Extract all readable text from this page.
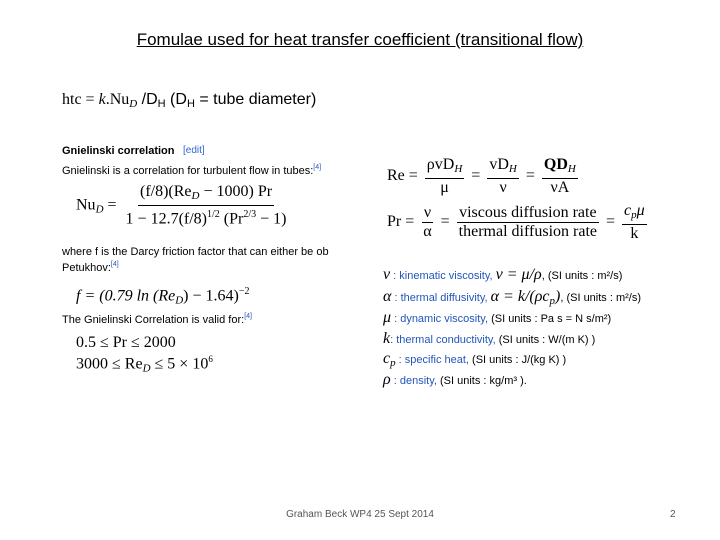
Fomulae used for heat transfer coefficient (transitional flow)
htc = $k.Nu_D$ $/D_H$ ($D_H$ = tube diameter)
Gnielinski correlation [edit]
Gnielinski is a correlation for turbulent flow in tubes:[4]
$Nu_D = \frac{(f/8)(Re_D - 1000) Pr}{1 - 12.7(f/8)^{1/2} (Pr^{2/3} - 1)}$
where f is the Darcy friction factor that can either be ob
Petukhov:[4]
f = (0.79 $\ln (Re_D) - 1.64)^{-2}$
The Gnielinski Correlation is valid for:[4]
0.5 ≤ Pr ≤ 2000
$3000 \le Re_D \le 5 \times 10^6$
$Re = \frac{\rho vD_H}{\mu} = \frac{vD_H}{\nu} = \frac{QD_H}{\nu A}$
$Pr = \frac{\nu}{\alpha} = \frac{\text{viscous diffusion rate}}{\text{thermal diffusion rate}} = \frac{c_p\mu}{k}$
ν : kinematic viscosity, ν = μ/ρ, (SI units : m²/s)
α : thermal diffusivity, α = k/(ρcp), (SI units : m²/s)
μ : dynamic viscosity, (SI units : Pa s = N s/m²)
k: thermal conductivity, (SI units : W/(m K) )
cp : specific heat, (SI units : J/(kg K) )
ρ : density, (SI units : kg/m³ ).
Graham Beck WP4 25 Sept 2014	2
